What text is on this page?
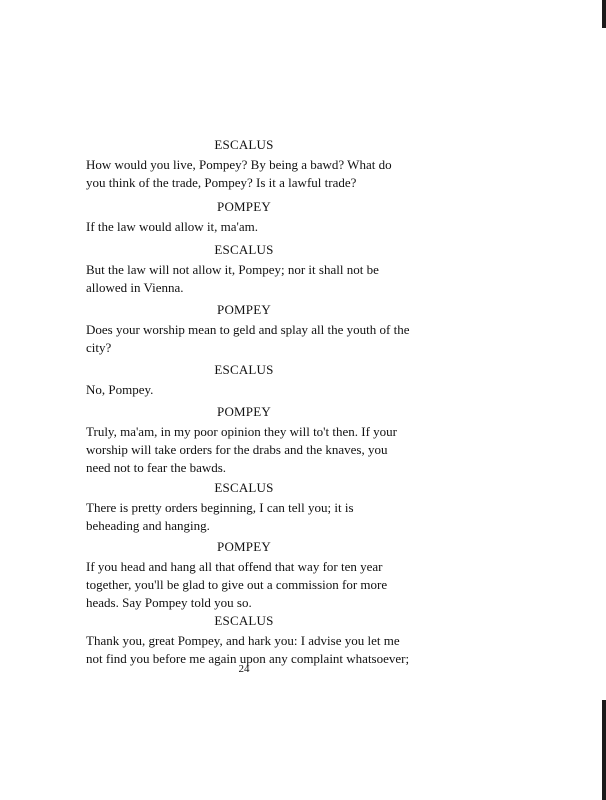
ESCALUS
How would you live, Pompey? By being a bawd? What do
you think of the trade, Pompey? Is it a lawful trade?
POMPEY
If the law would allow it, ma'am.
ESCALUS
But the law will not allow it, Pompey; nor it shall not be
allowed in Vienna.
POMPEY
Does your worship mean to geld and splay all the youth of the
city?
ESCALUS
No, Pompey.
POMPEY
Truly, ma'am, in my poor opinion they will to't then. If your
worship will take orders for the drabs and the knaves, you
need not to fear the bawds.
ESCALUS
There is pretty orders beginning, I can tell you; it is
beheading and hanging.
POMPEY
If you head and hang all that offend that way for ten year
together, you'll be glad to give out a commission for more
heads. Say Pompey told you so.
ESCALUS
Thank you, great Pompey, and hark you: I advise you let me
not find you before me again upon any complaint whatsoever;
24
